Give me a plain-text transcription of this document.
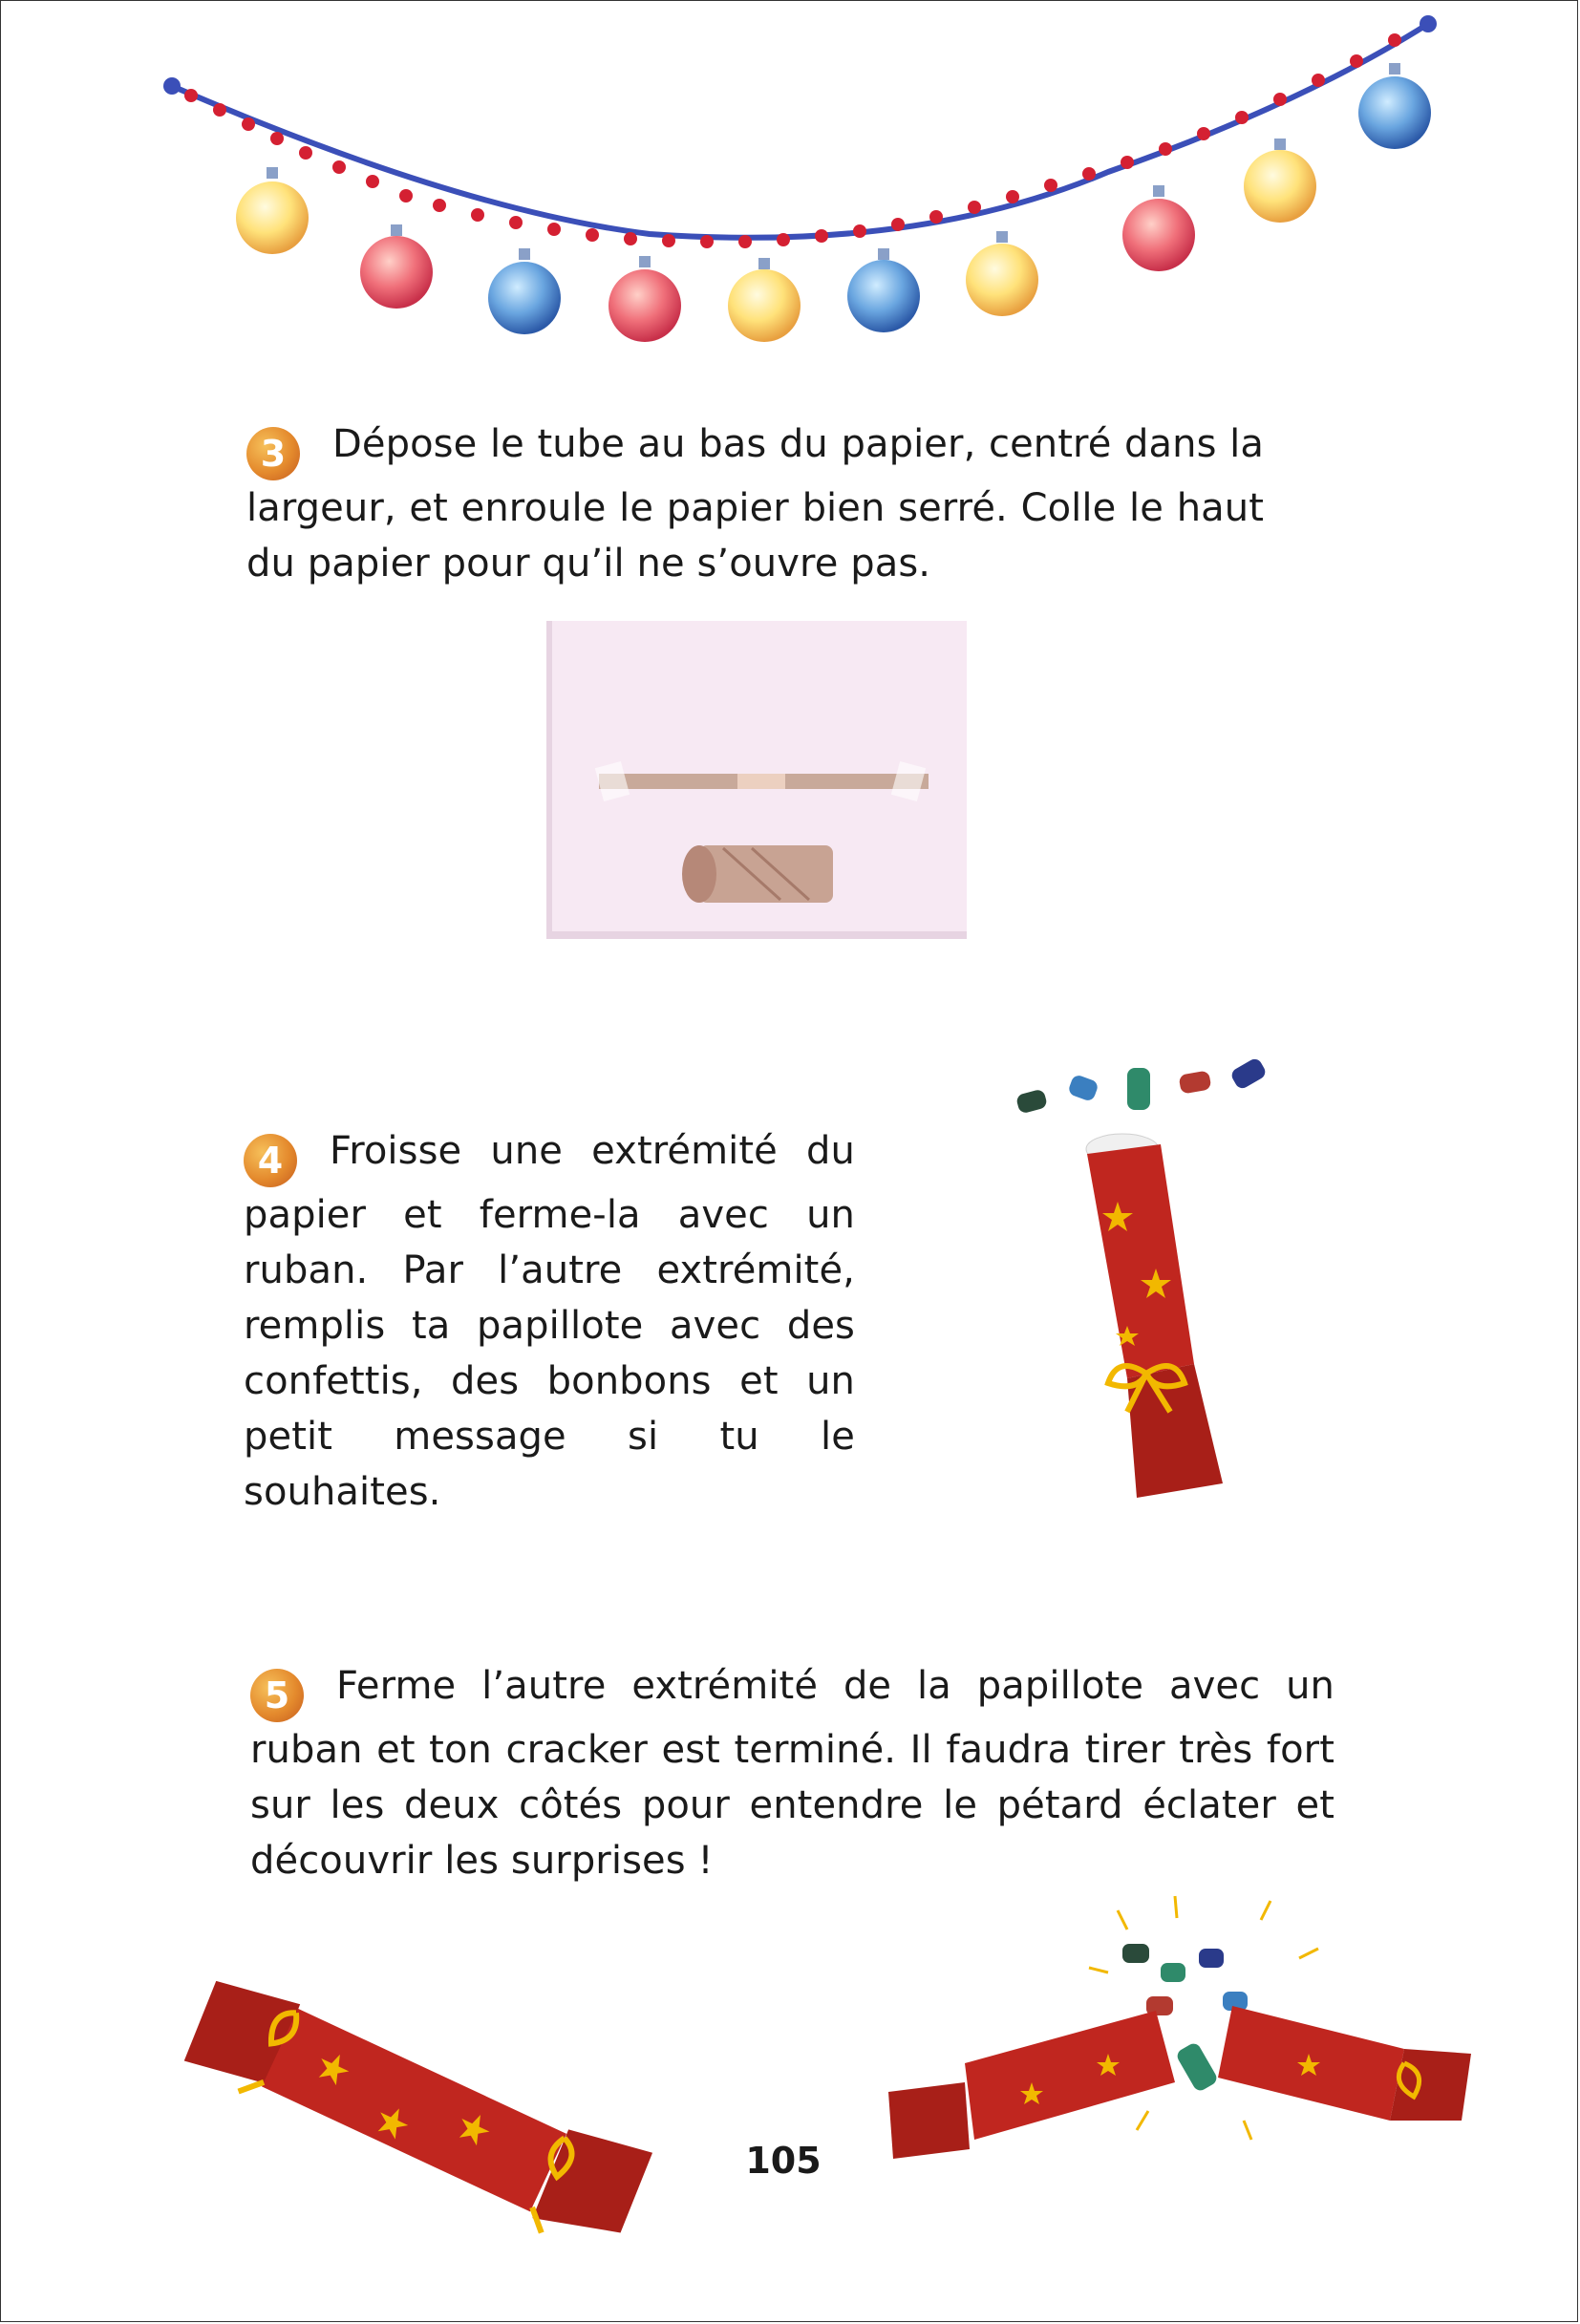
3 Dépose le tube au bas du papier, centré dans la largeur, et enroule le papier bien serré. Colle le haut du papier pour qu’il ne s’ouvre pas.
4 Froisse une extrémité du papier et ferme-la avec un ruban. Par l’autre extrémité, remplis ta papillote avec des confettis, des bonbons et un petit message si tu le souhaites.
5 Ferme l’autre extrémité de la papillote avec un ruban et ton cracker est terminé. Il faudra tirer très fort sur les deux côtés pour entendre le pétard éclater et découvrir les surprises !
105
